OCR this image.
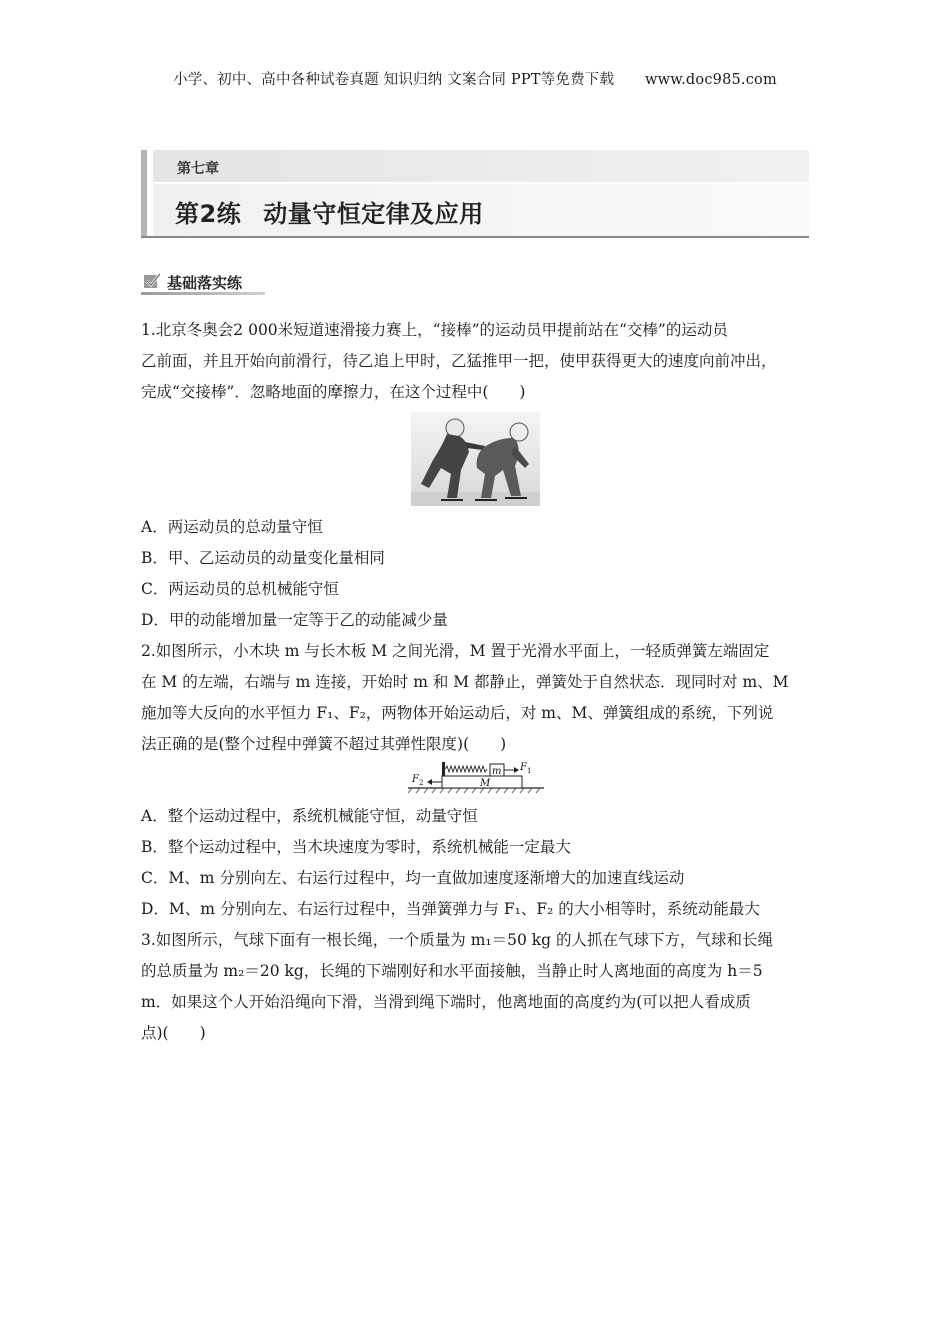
小学、初中、高中各种试卷真题 知识归纳 文案合同 PPT等免费下载 www.doc985.com
第七章
第2练 动量守恒定律及应用
基础落实练

1.北京冬奥会2 000米短道速滑接力赛上，“接棒”的运动员甲提前站在“交棒”的运动员

乙前面，并且开始向前滑行，待乙追上甲时，乙猛推甲一把，使甲获得更大的速度向前冲出，

完成“交接棒”．忽略地面的摩擦力，在这个过程中(　　)

A．两运动员的总动量守恒
B．甲、乙运动员的动量变化量相同
C．两运动员的总机械能守恒
D．甲的动能增加量一定等于乙的动能减少量

2.如图所示，小木块 m 与长木板 M 之间光滑，M 置于光滑水平面上，一轻质弹簧左端固定

在 M 的左端，右端与 m 连接，开始时 m 和 M 都静止，弹簧处于自然状态．现同时对 m、M

施加等大反向的水平恒力 F₁、F₂，两物体开始运动后，对 m、M、弹簧组成的系统，下列说

法正确的是(整个过程中弹簧不超过其弹性限度)(　　)

m
M
F 1
F 2
A．整个运动过程中，系统机械能守恒，动量守恒
B．整个运动过程中，当木块速度为零时，系统机械能一定最大
C．M、m 分别向左、右运行过程中，均一直做加速度逐渐增大的加速直线运动
D．M、m 分别向左、右运行过程中，当弹簧弹力与 F₁、F₂ 的大小相等时，系统动能最大

3.如图所示，气球下面有一根长绳，一个质量为 m₁＝50 kg 的人抓在气球下方，气球和长绳

的总质量为 m₂＝20 kg，长绳的下端刚好和水平面接触，当静止时人离地面的高度为 h＝5

m．如果这个人开始沿绳向下滑，当滑到绳下端时，他离地面的高度约为(可以把人看成质

点)(　　)
